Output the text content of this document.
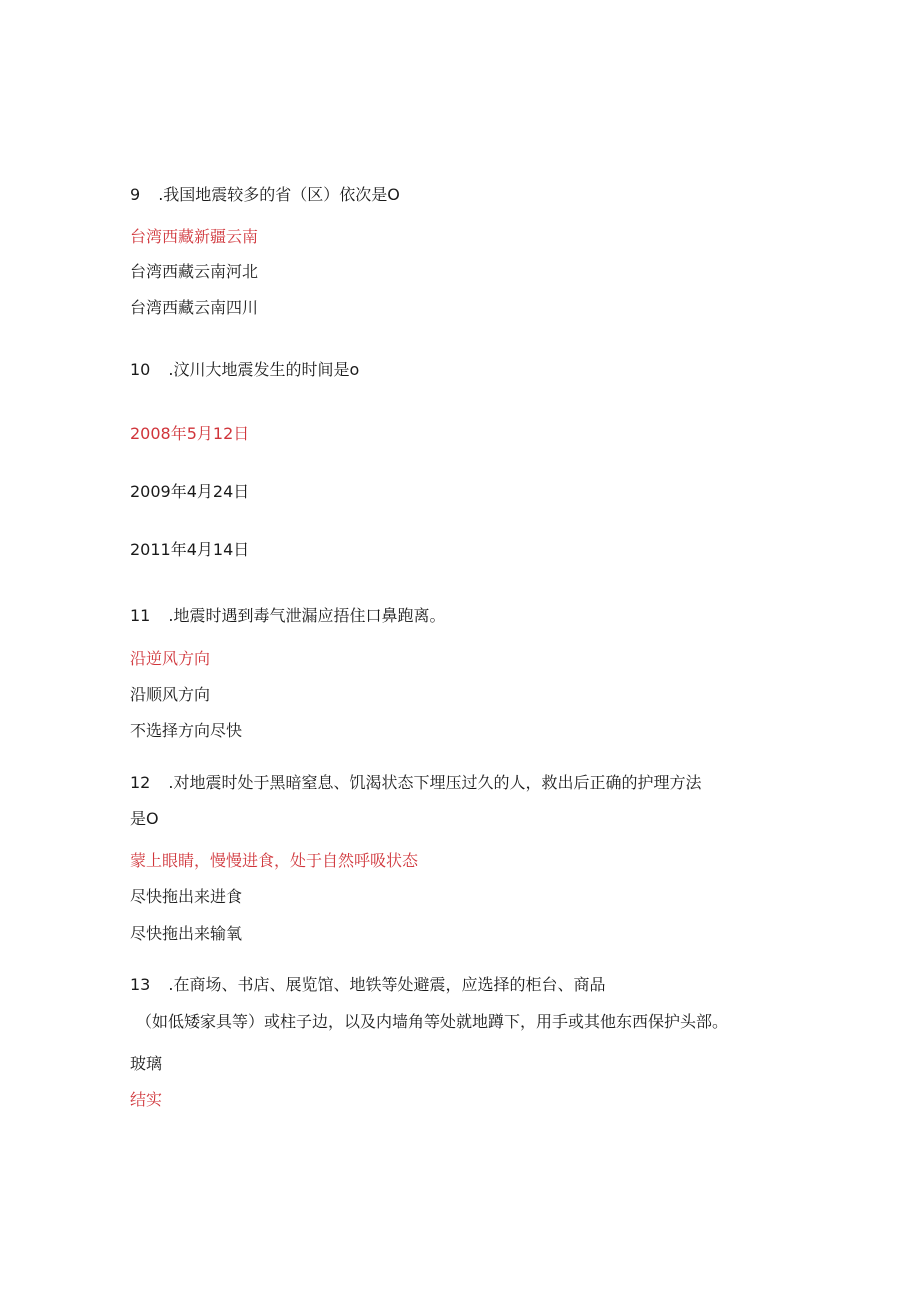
9 .我国地震较多的省（区）依次是O
台湾西藏新疆云南
台湾西藏云南河北
台湾西藏云南四川
10 .汶川大地震发生的时间是o
2008年5月12日
2009年4月24日
2011年4月14日
11 .地震时遇到毒气泄漏应捂住口鼻跑离。
沿逆风方向
沿顺风方向
不选择方向尽快
12 .对地震时处于黑暗窒息、饥渴状态下埋压过久的人，救出后正确的护理方法
是O
蒙上眼睛，慢慢进食，处于自然呼吸状态
尽快拖出来进食
尽快拖出来输氧
13 .在商场、书店、展览馆、地铁等处避震，应选择的柜台、商品
（如低矮家具等）或柱子边，以及内墙角等处就地蹲下，用手或其他东西保护头部。
玻璃
结实
